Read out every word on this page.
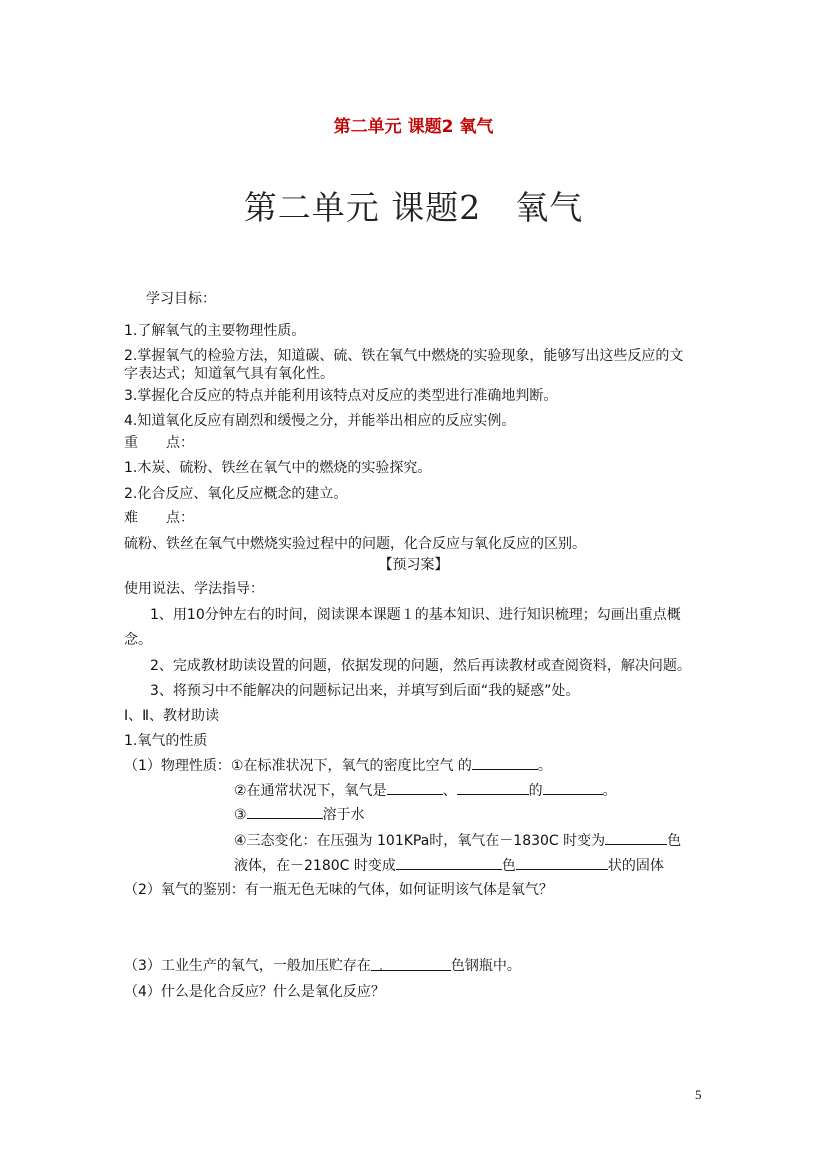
第二单元 课题2 氧气
第二单元 课题2　氧气
学习目标：
1.了解氧气的主要物理性质。
2.掌握氧气的检验方法，知道碳、硫、铁在氧气中燃烧的实验现象，能够写出这些反应的文
字表达式；知道氧气具有氧化性。
3.掌握化合反应的特点并能利用该特点对反应的类型进行准确地判断。
4.知道氧化反应有剧烈和缓慢之分，并能举出相应的反应实例。
重　　点：
1.木炭、硫粉、铁丝在氧气中的燃烧的实验探究。
2.化合反应、氧化反应概念的建立。
难　　点：
硫粉、铁丝在氧气中燃烧实验过程中的问题，化合反应与氧化反应的区别。
【预习案】
使用说法、学法指导：
1、用10分钟左右的时间，阅读课本课题１的基本知识、进行知识梳理；勾画出重点概
念。
2、完成教材助读设置的问题，依据发现的问题，然后再读教材或查阅资料，解决问题。
3、将预习中不能解决的问题标记出来，并填写到后面“我的疑惑”处。
Ⅰ、Ⅱ、教材助读
1.氧气的性质
（1）物理性质：①在标准状况下，氧气的密度比空气 的	。
②在通常状况下，氧气是	、	的	。
③	溶于水
④三态变化：在压强为 101KPa时，氧气在－1830C 时变为	色
液体，在－2180C 时变成	色	状的固体
（2）氧气的鉴别：有一瓶无色无味的气体，如何证明该气体是氧气？
（3）工业生产的氧气，一般加压贮存在 .	色钢瓶中。
（4）什么是化合反应？什么是氧化反应？
5
